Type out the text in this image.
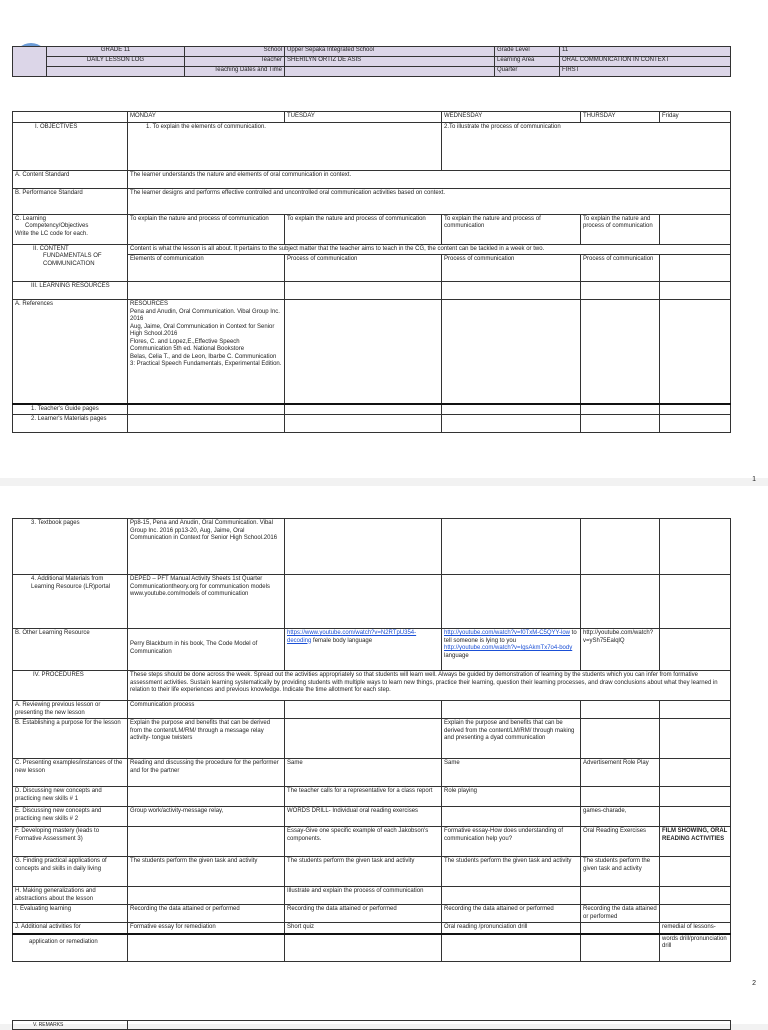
	GRADE 11	School	Upper Sepaka Integrated School	Grade Level	11
	DAILY LESSON LOG	Teacher	SHERILYN ORTIZ DE ASIS	Learning Area	ORAL COMMUNICATION IN CONTEXT
		Teaching Dates and Time		Quarter	FIRST
	MONDAY	TUESDAY	WEDNESDAY	THURSDAY	Friday
I. OBJECTIVES	1. To explain the elements of communication.		2.To illustrate the process of communication		
A. Content Standard	The learner understands the nature and elements of oral communication in context.				
B. Performance Standard	The learner designs and performs effective controlled and uncontrolled oral communication activities based on context.				

C. Learning
Competency/Objectives
Write the LC code for each.	To explain the nature and process of communication	To explain the nature and process of communication	To explain the nature and process of communication	To explain the nature and process of communication	

II. CONTENT
FUNDAMENTALS OF COMMUNICATION	Content is what the lesson is all about. It pertains to the subject matter that the teacher aims to teach in the CG, the content can be tackled in a week or two.				
	Elements of communication	Process of communication	Process of communication	Process of communication	
III. LEARNING RESOURCES					
A. References	RESOURCES
Pena and Anudin, Oral Communication. Vibal Group Inc. 2016
Aug, Jaime, Oral Communication in Context for Senior High School.2016
Flores, C. and Lopez,E.,Effective Speech Communication 5th ed. National Bookstore
Belas, Celia T., and de Leon, Ibarbe C. Communication 3: Practical Speech Fundamentals, Experimental Edition.				

1. Teacher's Guide pages					
2. Learner's Materials pages					
1
3. Textbook pages	Pp8-15, Pena and Anudin, Oral Communication. Vibal Group Inc. 2016 pp13-20, Aug, Jaime, Oral Communication in Context for Senior High School.2016				
4. Additional Materials from Learning Resource (LR)portal	DEPED – PFT Manual Activity Sheets 1st Quarter Communicationtheory.org for communication models www.youtube.com/models of communication				
B. Other Learning Resource	Perry Blackburn in his book, The Code Model of Communication	https://www.youtube.com/watch?v=N2RTpU354-decoding female body language	http://youtube.com/watch?v=f0TxM-C5QYY-low to tell someone is lying to you http://youtube.com/watch?v=IgsAkmTx7o4-body language	http://youtube.com/watch?v=ySh75EalqlQ	
IV. PROCEDURES	These steps should be done across the week. Spread out the activities appropriately so that students will learn well. Always be guided by demonstration of learning by the students which you can infer from formative assessment activities. Sustain learning systematically by providing students with multiple ways to learn new things, practice their learning, question their learning processes, and draw conclusions about what they learned in relation to their life experiences and previous knowledge. Indicate the time allotment for each step.				
A. Reviewing previous lesson or presenting the new lesson	Communication process				
B. Establishing a purpose for the lesson	Explain the purpose and benefits that can be derived from the content/LM/RM/ through a message relay activity- tongue twisters		Explain the purpose and benefits that can be derived from the content/LM/RM/ through making and presenting a dyad communication		
C. Presenting examples/instances of the new lesson	Reading and discussing the procedure for the performer and for the partner	Same	Same	Advertisement Role Play	
D. Discussing new concepts and practicing new skills # 1		The teacher calls for a representative for a class report	Role playing		
E. Discussing new concepts and practicing new skills # 2	Group work/activity-message relay,	WORDS DRILL- Individual oral reading exercises		games-charade,	
F. Developing mastery (leads to Formative Assessment 3)		Essay-Give one specific example of each Jakobson's components.	Formative essay-How does understanding of communication help you?	Oral Reading Exercises	FILM SHOWING, ORAL READING ACTIVITIES
G. Finding practical applications of concepts and skills in daily living	The students perform the given task and activity	The students perform the given task and activity	The students perform the given task and activity	The students perform the given task and activity	
H. Making generalizations and abstractions about the lesson		Illustrate and explain the process of communication			
I. Evaluating learning	Recording the data attained or performed	Recording the data attained or performed	Recording the data attained or performed	Recording the data attained or performed	
J. Additional activities for	Formative essay for remediation	Short quiz	Oral reading /pronunciation drill		remedial of lessons-
application or remediation					words drill/pronunciation drill
2
V. REMARKS	
